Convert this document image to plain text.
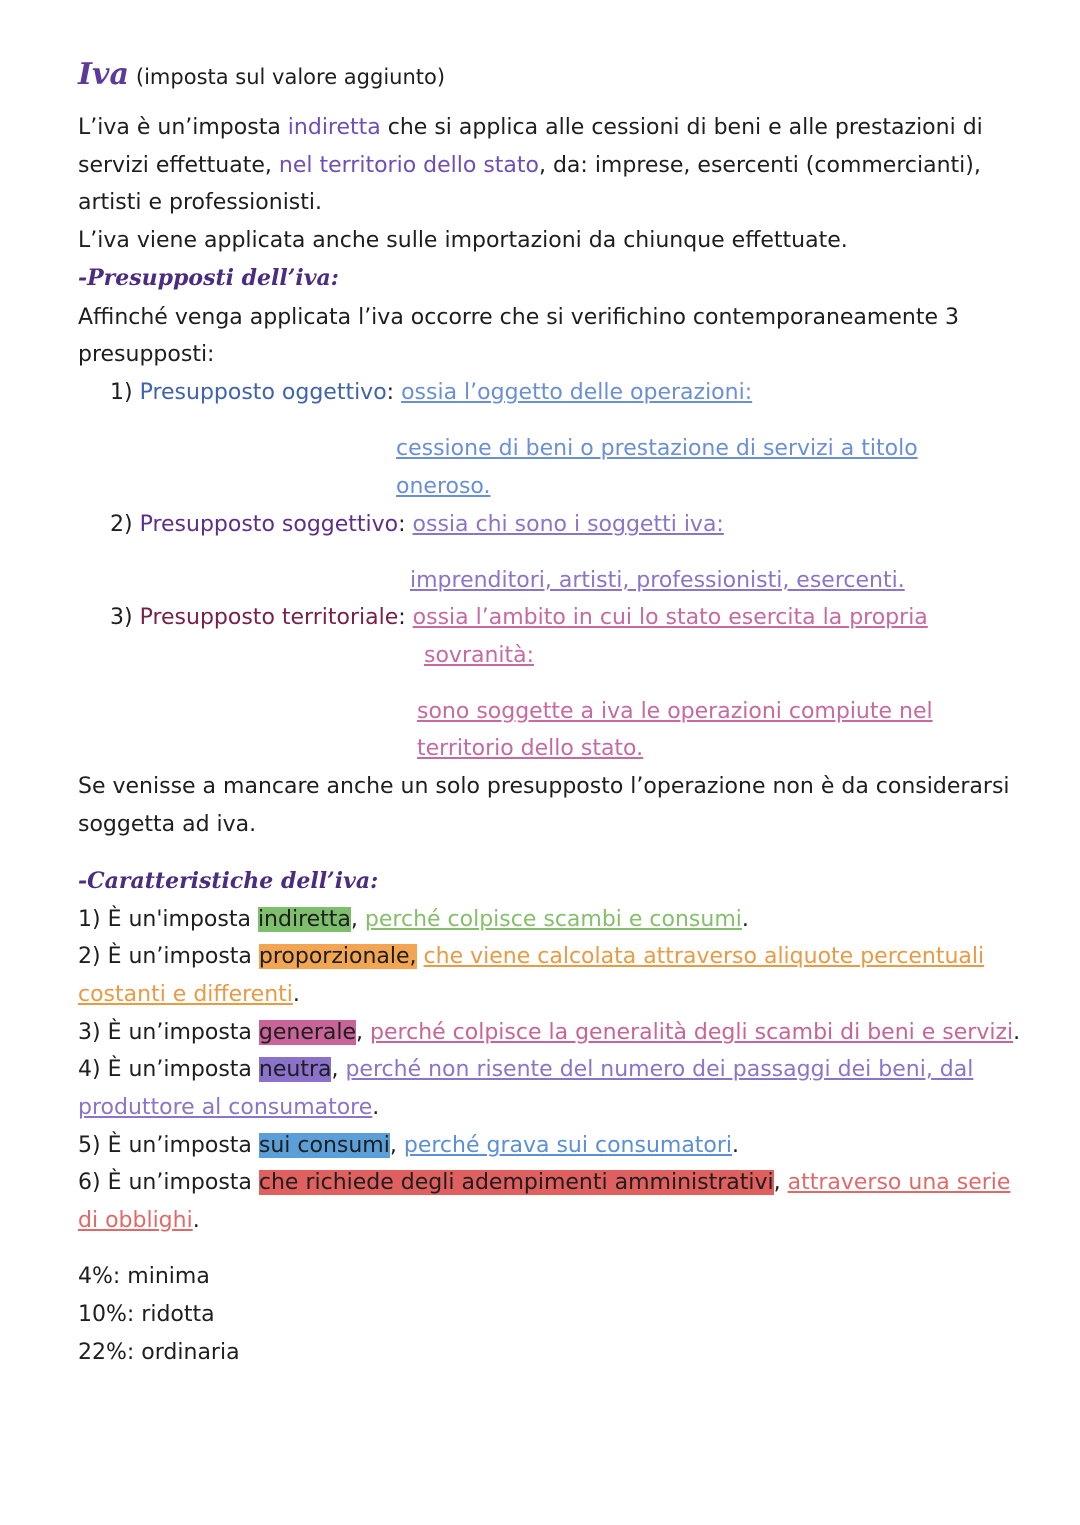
Iva (imposta sul valore aggiunto)
L’iva è un’imposta indiretta che si applica alle cessioni di beni e alle prestazioni di
servizi effettuate, nel territorio dello stato, da: imprese, esercenti (commercianti),
artisti e professionisti.
L’iva viene applicata anche sulle importazioni da chiunque effettuate.
-Presupposti dell’iva:
Affinché venga applicata l’iva occorre che si verifichino contemporaneamente 3
presupposti:
1) Presupposto oggettivo: ossia l’oggetto delle operazioni:
cessione di beni o prestazione di servizi a titolo
oneroso.
2) Presupposto soggettivo: ossia chi sono i soggetti iva:
imprenditori, artisti, professionisti, esercenti.
3) Presupposto territoriale: ossia l’ambito in cui lo stato esercita la propria
sovranità:
sono soggette a iva le operazioni compiute nel
territorio dello stato.
Se venisse a mancare anche un solo presupposto l’operazione non è da considerarsi
soggetta ad iva.
-Caratteristiche dell’iva:
1) È un'imposta indiretta, perché colpisce scambi e consumi.
2) È un’imposta proporzionale, che viene calcolata attraverso aliquote percentuali
costanti e differenti.
3) È un’imposta generale, perché colpisce la generalità degli scambi di beni e servizi.
4) È un’imposta neutra, perché non risente del numero dei passaggi dei beni, dal
produttore al consumatore.
5) È un’imposta sui consumi, perché grava sui consumatori.
6) È un’imposta che richiede degli adempimenti amministrativi, attraverso una serie
di obblighi.
4%: minima
10%: ridotta
22%: ordinaria
